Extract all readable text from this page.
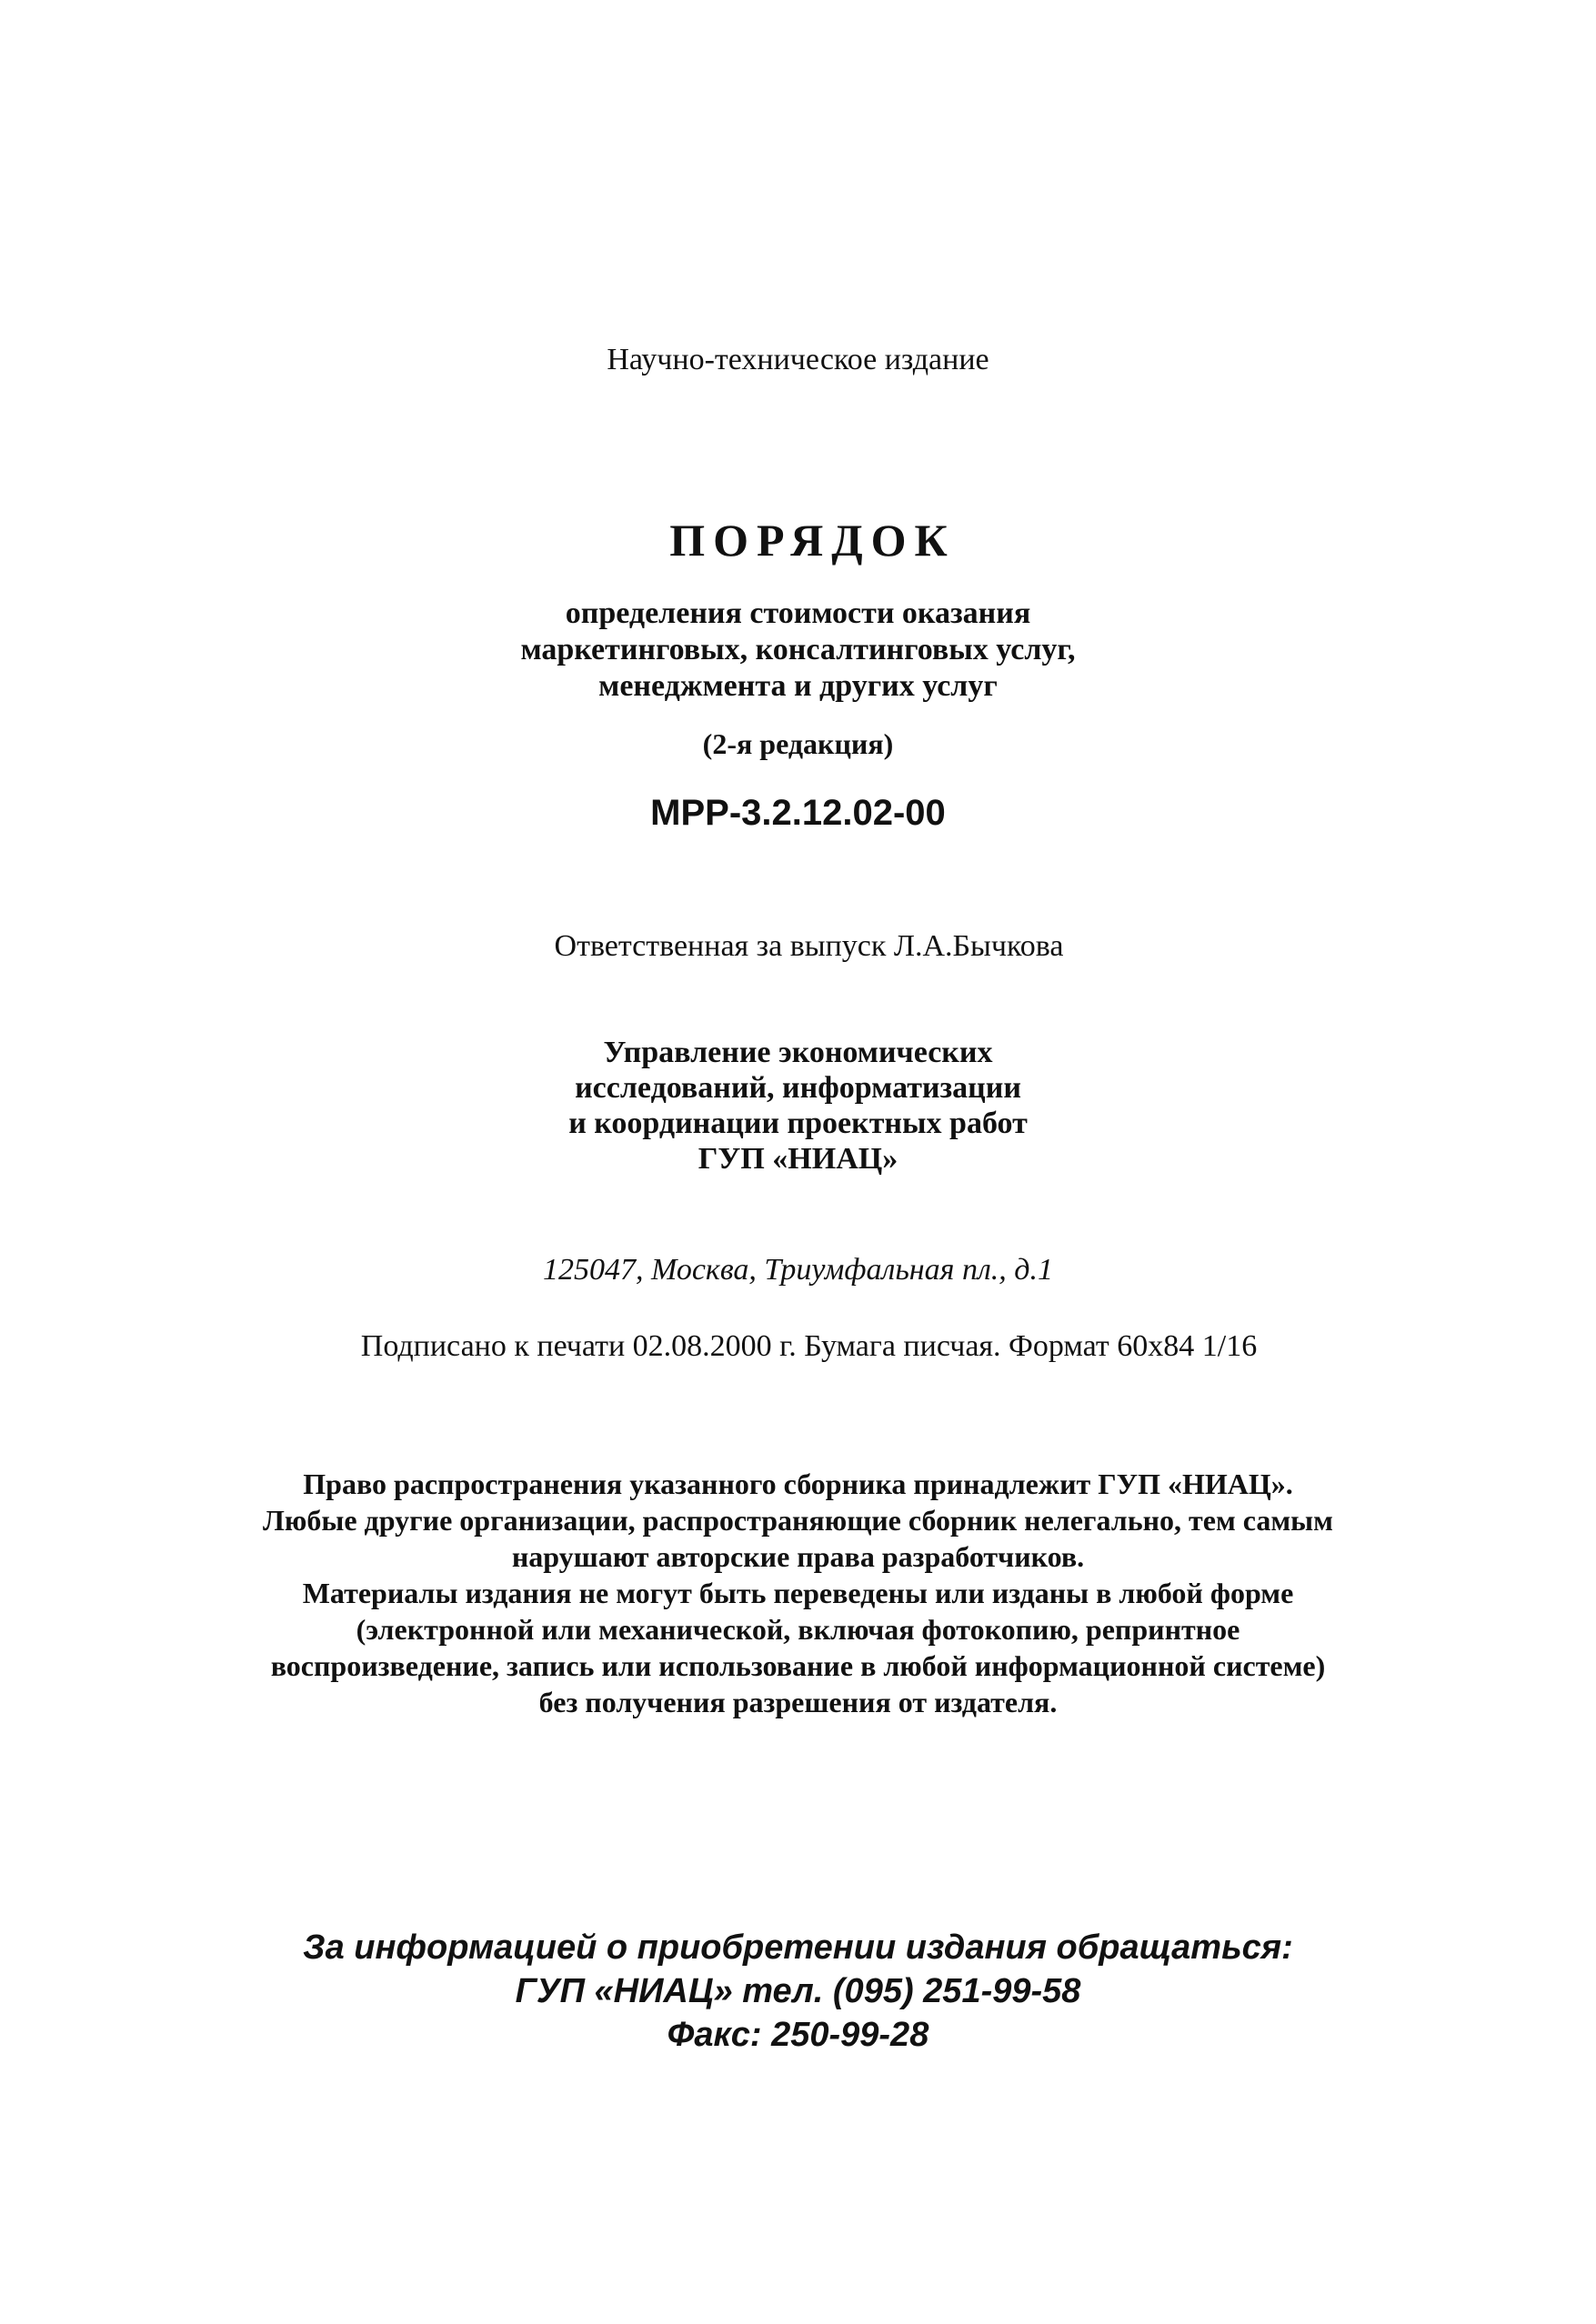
Научно-техническое издание
ПОРЯДОК
определения стоимости оказания
маркетинговых, консалтинговых услуг,
менеджмента и других услуг
(2-я редакция)
МРР-3.2.12.02-00
Ответственная за выпуск Л.А.Бычкова
Управление экономических
исследований, информатизации
и координации проектных работ
ГУП «НИАЦ»
125047, Москва, Триумфальная пл., д.1
Подписано к печати 02.08.2000 г. Бумага писчая. Формат 60х84 1/16
Право распространения указанного сборника принадлежит ГУП «НИАЦ».
Любые другие организации, распространяющие сборник нелегально, тем самым
нарушают авторские права разработчиков.
Материалы издания не могут быть переведены или изданы в любой форме
(электронной или механической, включая фотокопию, репринтное
воспроизведение, запись или использование в любой информационной системе)
без получения разрешения от издателя.
За информацией о приобретении издания обращаться:
ГУП «НИАЦ» тел. (095) 251-99-58
Факс: 250-99-28
